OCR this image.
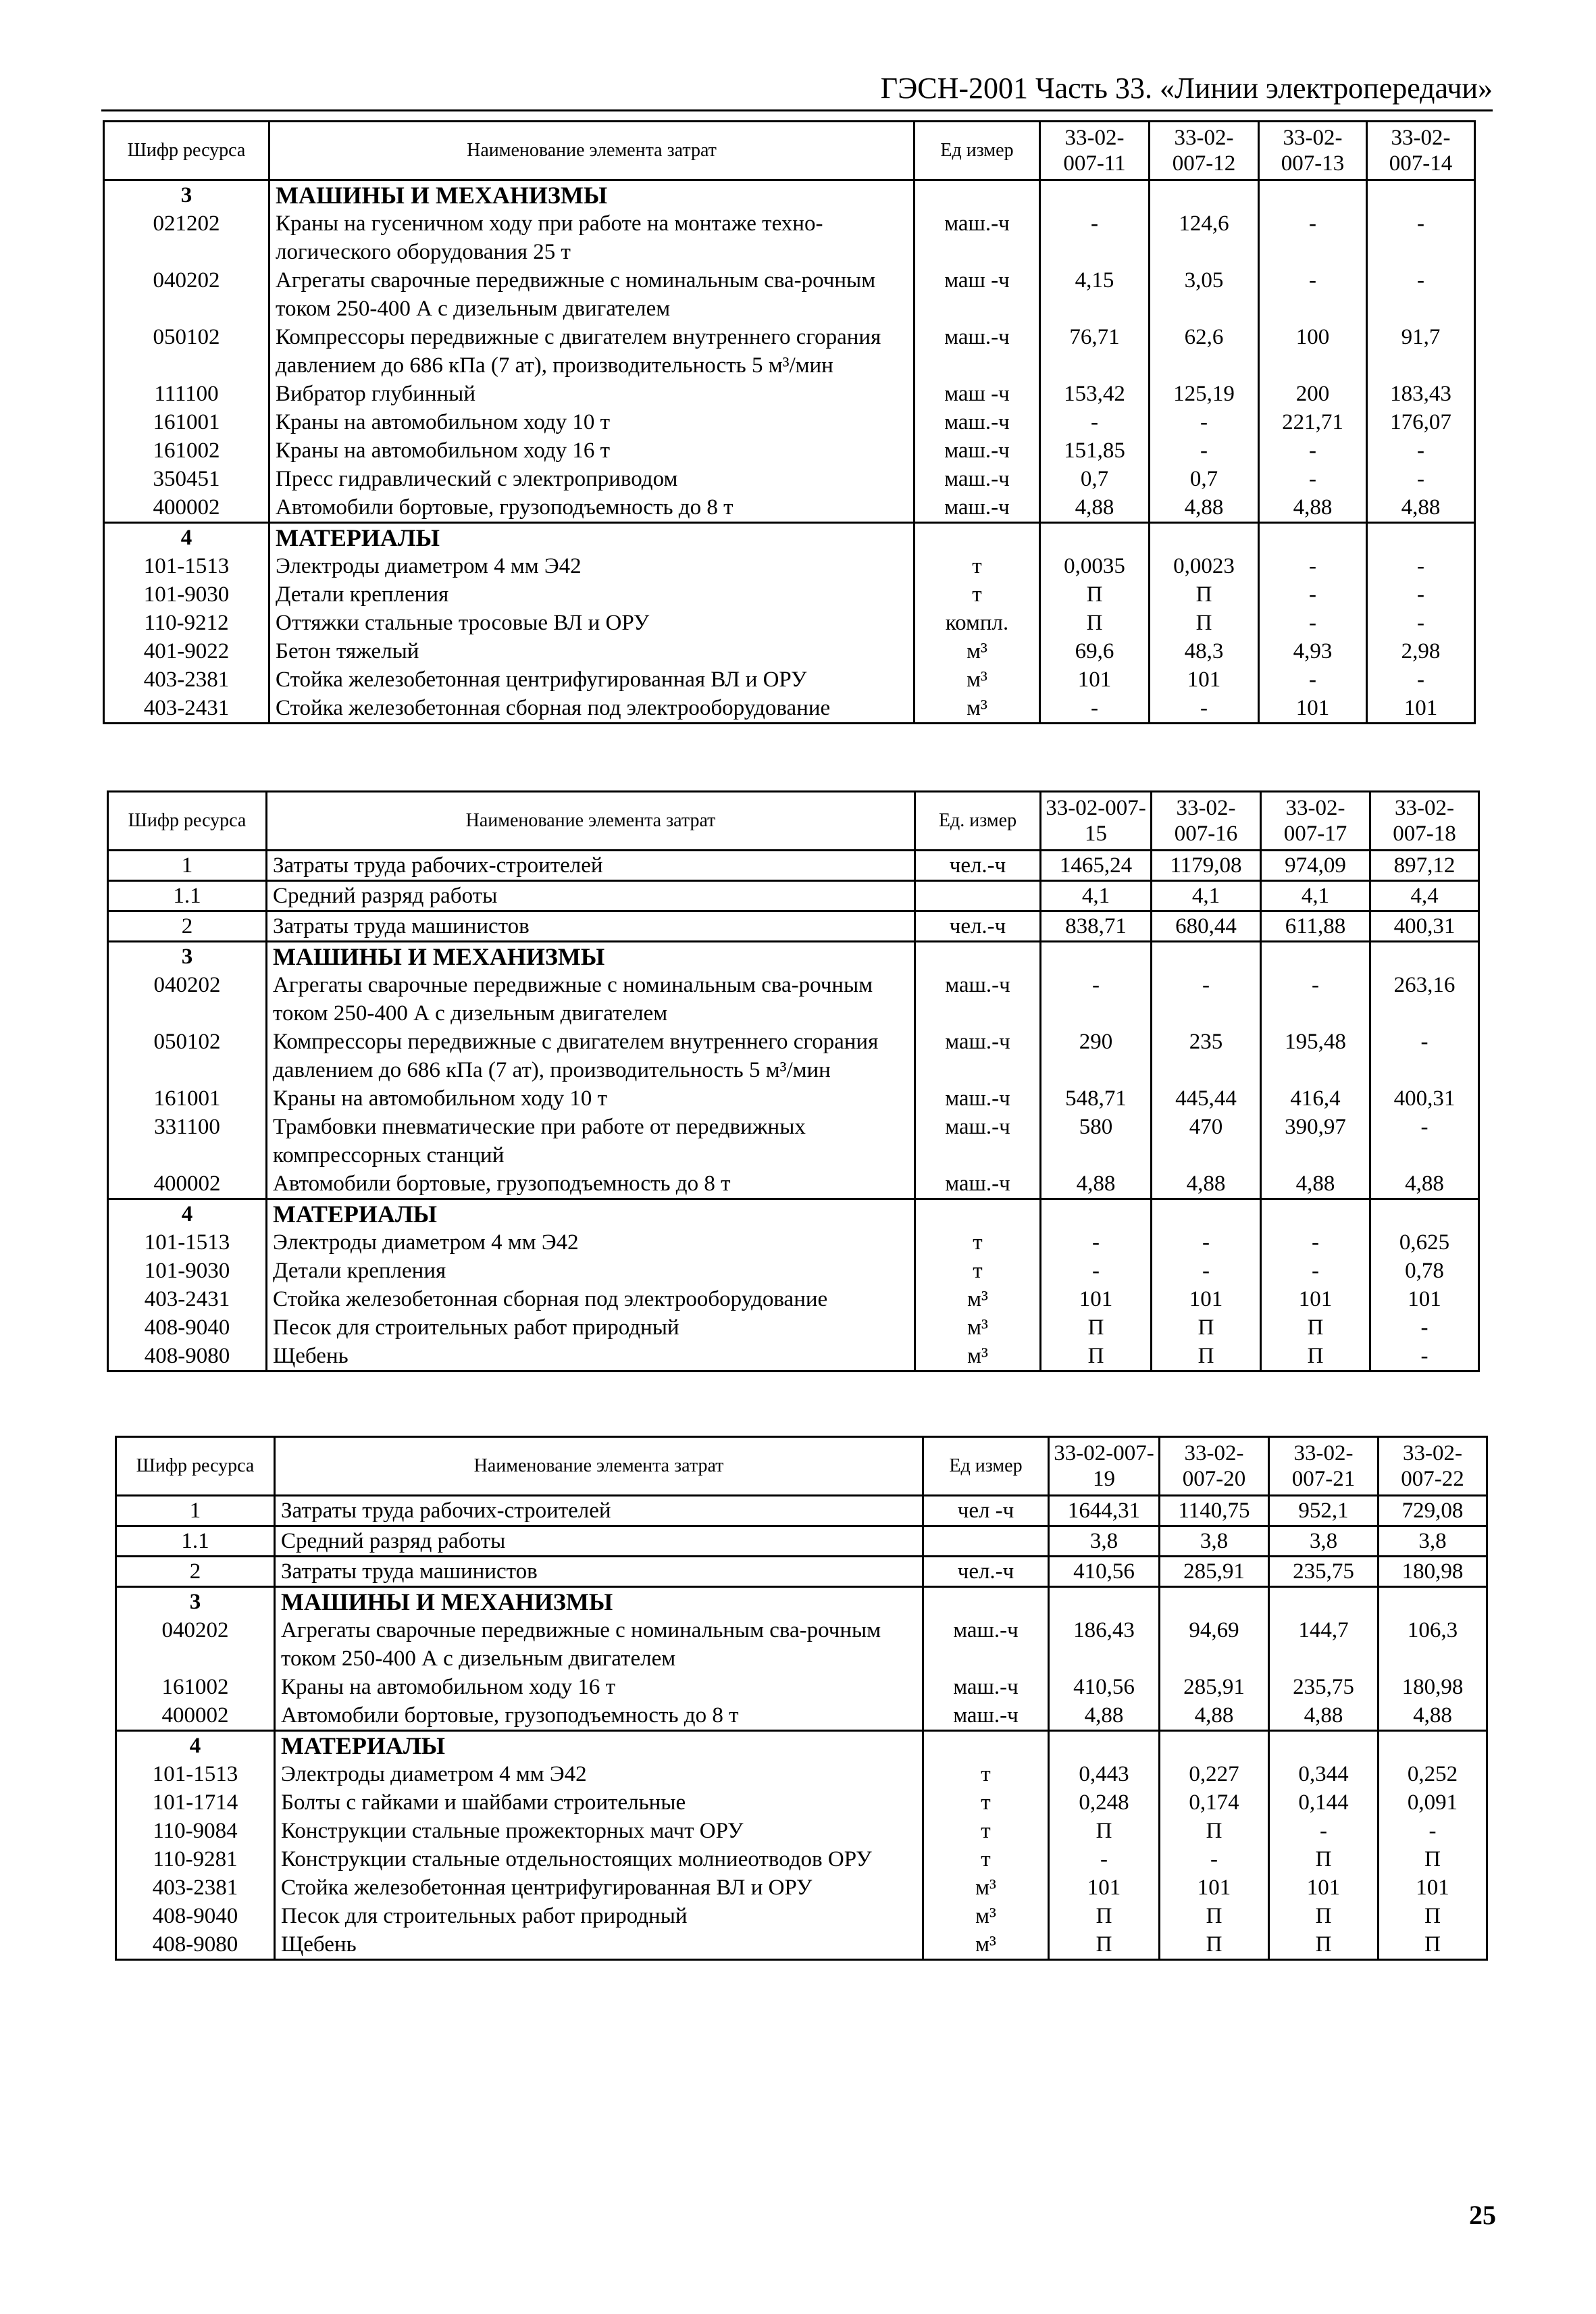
ГЭСН-2001 Часть 33. «Линии электропередачи»
Шифр ресурса	Наименование элемента затрат	Ед измер	33-02-007-11	33-02-007-12	33-02-007-13	33-02-007-14
3	МАШИНЫ И МЕХАНИЗМЫ					
021202	Краны на гусеничном ходу при работе на монтаже техно-логического оборудования 25 т	маш.-ч	-	124,6	-	-
040202	Агрегаты сварочные передвижные с номинальным сва-рочным током 250-400 А с дизельным двигателем	маш -ч	4,15	3,05	-	-
050102	Компрессоры передвижные с двигателем внутреннего сгорания давлением до 686 кПа (7 ат), производительность 5 м³/мин	маш.-ч	76,71	62,6	100	91,7
111100	Вибратор глубинный	маш -ч	153,42	125,19	200	183,43
161001	Краны на автомобильном ходу 10 т	маш.-ч	-	-	221,71	176,07
161002	Краны на автомобильном ходу 16 т	маш.-ч	151,85	-	-	-
350451	Пресс гидравлический с электроприводом	маш.-ч	0,7	0,7	-	-
400002	Автомобили бортовые, грузоподъемность до 8 т	маш.-ч	4,88	4,88	4,88	4,88
4	МАТЕРИАЛЫ					
101-1513	Электроды диаметром 4 мм Э42	т	0,0035	0,0023	-	-
101-9030	Детали крепления	т	П	П	-	-
110-9212	Оттяжки стальные тросовые ВЛ и ОРУ	компл.	П	П	-	-
401-9022	Бетон тяжелый	м³	69,6	48,3	4,93	2,98
403-2381	Стойка железобетонная центрифугированная ВЛ и ОРУ	м³	101	101	-	-
403-2431	Стойка железобетонная сборная под электрооборудование	м³	-	-	101	101
Шифр ресурса	Наименование элемента затрат	Ед. измер	33-02-007-15	33-02-007-16	33-02-007-17	33-02-007-18
1	Затраты труда рабочих-строителей	чел.-ч	1465,24	1179,08	974,09	897,12
1.1	Средний разряд работы		4,1	4,1	4,1	4,4
2	Затраты труда машинистов	чел.-ч	838,71	680,44	611,88	400,31
3	МАШИНЫ И МЕХАНИЗМЫ					
040202	Агрегаты сварочные передвижные с номинальным сва-рочным током 250-400 А с дизельным двигателем	маш.-ч	-	-	-	263,16
050102	Компрессоры передвижные с двигателем внутреннего сгорания давлением до 686 кПа (7 ат), производительность 5 м³/мин	маш.-ч	290	235	195,48	-
161001	Краны на автомобильном ходу 10 т	маш.-ч	548,71	445,44	416,4	400,31
331100	Трамбовки пневматические при работе от передвижных компрессорных станций	маш.-ч	580	470	390,97	-
400002	Автомобили бортовые, грузоподъемность до 8 т	маш.-ч	4,88	4,88	4,88	4,88
4	МАТЕРИАЛЫ					
101-1513	Электроды диаметром 4 мм Э42	т	-	-	-	0,625
101-9030	Детали крепления	т	-	-	-	0,78
403-2431	Стойка железобетонная сборная под электрооборудование	м³	101	101	101	101
408-9040	Песок для строительных работ природный	м³	П	П	П	-
408-9080	Щебень	м³	П	П	П	-
Шифр ресурса	Наименование элемента затрат	Ед измер	33-02-007-19	33-02-007-20	33-02-007-21	33-02-007-22
1	Затраты труда рабочих-строителей	чел -ч	1644,31	1140,75	952,1	729,08
1.1	Средний разряд работы		3,8	3,8	3,8	3,8
2	Затраты труда машинистов	чел.-ч	410,56	285,91	235,75	180,98
3	МАШИНЫ И МЕХАНИЗМЫ					
040202	Агрегаты сварочные передвижные с номинальным сва-рочным током 250-400 А с дизельным двигателем	маш.-ч	186,43	94,69	144,7	106,3
161002	Краны на автомобильном ходу 16 т	маш.-ч	410,56	285,91	235,75	180,98
400002	Автомобили бортовые, грузоподъемность до 8 т	маш.-ч	4,88	4,88	4,88	4,88
4	МАТЕРИАЛЫ					
101-1513	Электроды диаметром 4 мм Э42	т	0,443	0,227	0,344	0,252
101-1714	Болты с гайками и шайбами строительные	т	0,248	0,174	0,144	0,091
110-9084	Конструкции стальные прожекторных мачт ОРУ	т	П	П	-	-
110-9281	Конструкции стальные отдельностоящих молниеотводов ОРУ	т	-	-	П	П
403-2381	Стойка железобетонная центрифугированная ВЛ и ОРУ	м³	101	101	101	101
408-9040	Песок для строительных работ природный	м³	П	П	П	П
408-9080	Щебень	м³	П	П	П	П
25
